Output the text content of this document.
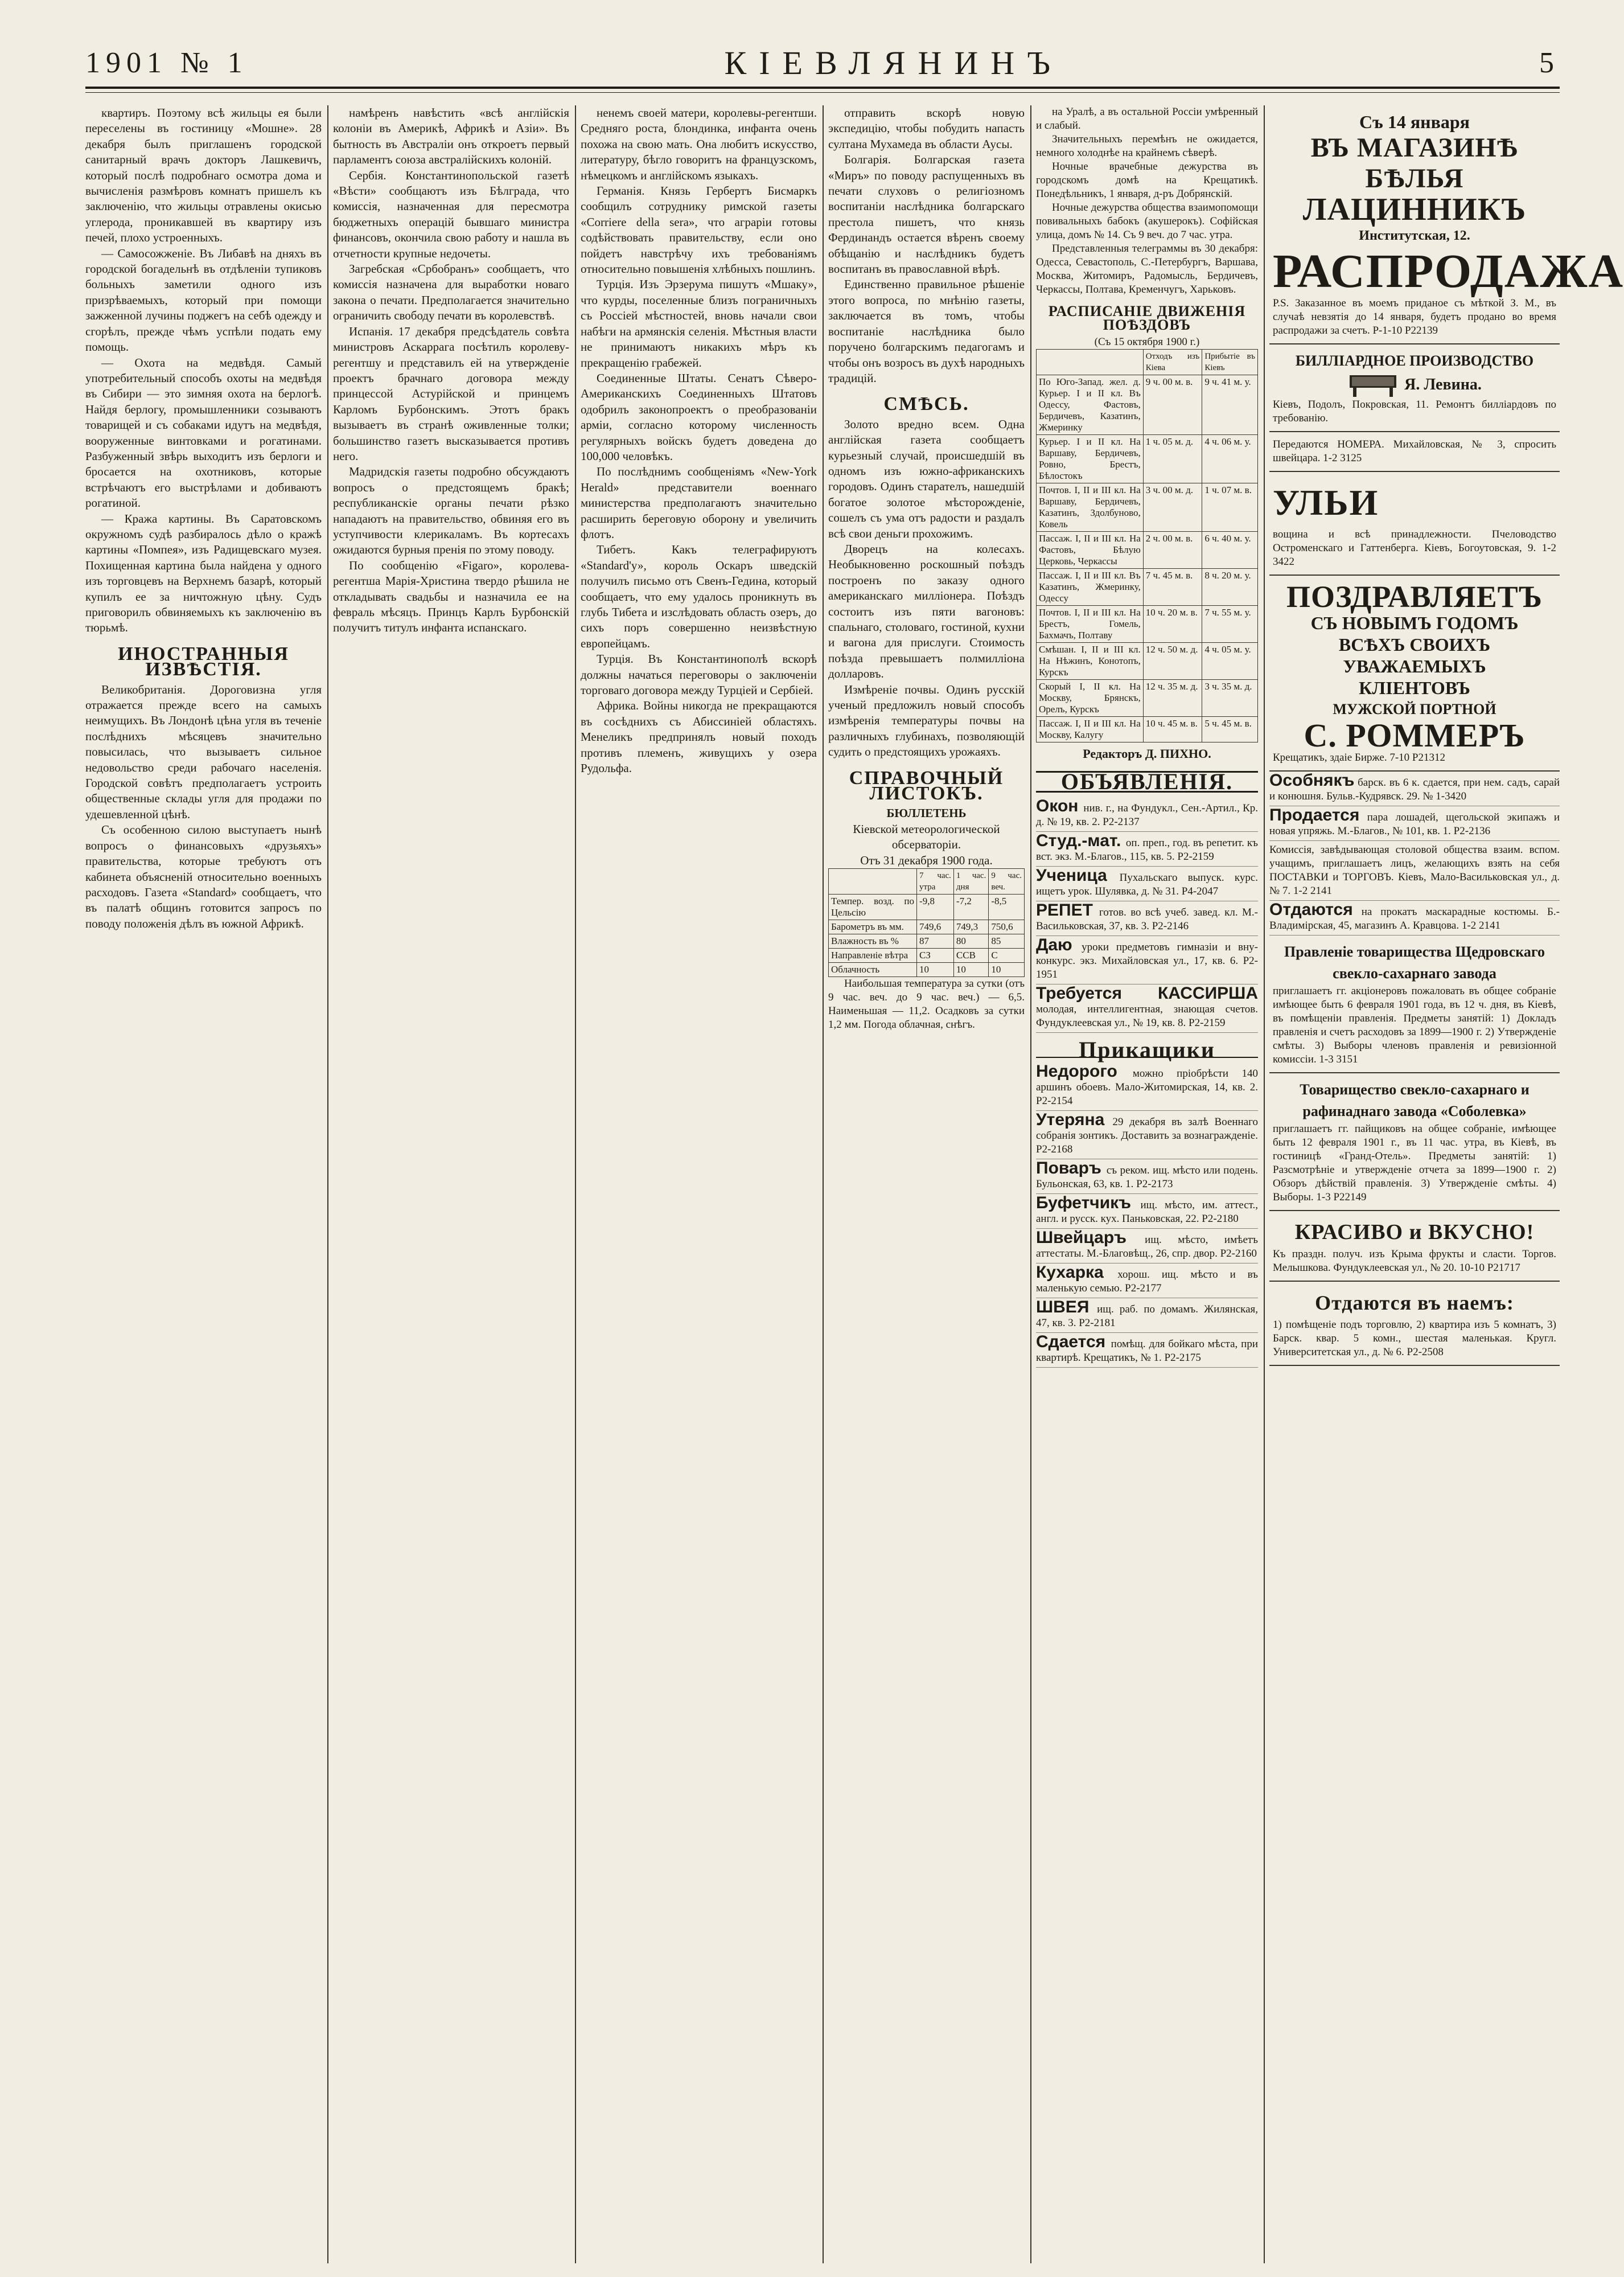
1901 № 1	КІЕВЛЯНИНЪ	5

квартиръ. Поэтому всѣ жильцы ея были переселены въ гостиницу «Мошне». 28 декабря былъ приглашенъ городской санитарный врачъ докторъ Лашкевичъ, который послѣ подробнаго осмотра дома и вычисленія размѣровъ комнатъ пришелъ къ заключенію, что жильцы отравлены окисью углерода, проникавшей въ квартиру изъ печей, плохо устроенныхъ.

— Самосожженіе. Въ Либавѣ на дняхъ въ городской богадельнѣ въ отдѣленіи тупиковъ больныхъ заметили одного изъ призрѣваемыхъ, который при помощи зажженной лучины поджегъ на себѣ одежду и сгорѣлъ, прежде чѣмъ успѣли подать ему помощь.

— Охота на медвѣдя. Самый употребительный способъ охоты на медвѣдя въ Сибири — это зимняя охота на берлогѣ. Найдя берлогу, промышленники созываютъ товарищей и съ собаками идутъ на медвѣдя, вооруженные винтовками и рогатинами. Разбуженный звѣрь выходитъ изъ берлоги и бросается на охотниковъ, которые встрѣчаютъ его выстрѣлами и добиваютъ рогатиной.

— Кража картины. Въ Саратовскомъ окружномъ судѣ разбиралось дѣло о кражѣ картины «Помпея», изъ Радищевскаго музея. Похищенная картина была найдена у одного изъ торговцевъ на Верхнемъ базарѣ, который купилъ ее за ничтожную цѣну. Судъ приговорилъ обвиняемыхъ къ заключенію въ тюрьмѣ.

ИНОСТРАННЫЯ ИЗВѢСТІЯ.

Великобританія. Дороговизна угля отражается прежде всего на самыхъ неимущихъ. Въ Лондонѣ цѣна угля въ теченіе послѣднихъ мѣсяцевъ значительно повысилась, что вызываетъ сильное недовольство среди рабочаго населенія. Городской совѣтъ предполагаетъ устроить общественные склады угля для продажи по удешевленной цѣнѣ.

Съ особенною силою выступаетъ нынѣ вопросъ о финансовыхъ «друзьяхъ» правительства, которые требуютъ отъ кабинета объясненій относительно военныхъ расходовъ. Газета «Standard» сообщаетъ, что въ палатѣ общинъ готовится запросъ по поводу положенія дѣлъ въ южной Африкѣ.

намѣренъ навѣстить «всѣ англійскія колоніи въ Америкѣ, Африкѣ и Азіи». Въ бытность въ Австраліи онъ откроетъ первый парламентъ союза австралійскихъ колоній.

Сербія. Константинопольской газетѣ «Вѣсти» сообщаютъ изъ Бѣлграда, что комиссія, назначенная для пересмотра бюджетныхъ операцій бывшаго министра финансовъ, окончила свою работу и нашла въ отчетности крупные недочеты.

Загребская «Србобранъ» сообщаетъ, что комиссія назначена для выработки новаго закона о печати. Предполагается значительно ограничить свободу печати въ королевствѣ.

Испанія. 17 декабря предсѣдатель совѣта министровъ Аскаррага посѣтилъ королеву-регентшу и представилъ ей на утвержденіе проектъ брачнаго договора между принцессой Астурійской и принцемъ Карломъ Бурбонскимъ. Этотъ бракъ вызываетъ въ странѣ оживленные толки; большинство газетъ высказывается противъ него.

Мадридскія газеты подробно обсуждаютъ вопросъ о предстоящемъ бракѣ; республиканскіе органы печати рѣзко нападаютъ на правительство, обвиняя его въ уступчивости клерикаламъ. Въ кортесахъ ожидаются бурныя пренія по этому поводу.

По сообщенію «Figaro», королева-регентша Марія-Христина твердо рѣшила не откладывать свадьбы и назначила ее на февраль мѣсяцъ. Принцъ Карлъ Бурбонскій получитъ титулъ инфанта испанскаго.

ненемъ своей матери, королевы-регентши. Средняго роста, блондинка, инфанта очень похожа на свою мать. Она любитъ искусство, литературу, бѣгло говоритъ на французскомъ, нѣмецкомъ и англійскомъ языкахъ.

Германія. Князь Гербертъ Бисмаркъ сообщилъ сотруднику римской газеты «Corriere della sera», что аграріи готовы содѣйствовать правительству, если оно пойдетъ навстрѣчу ихъ требованіямъ относительно повышенія хлѣбныхъ пошлинъ.

Турція. Изъ Эрзерума пишутъ «Мшаку», что курды, поселенные близъ пограничныхъ съ Россіей мѣстностей, вновь начали свои набѣги на армянскія селенія. Мѣстныя власти не принимаютъ никакихъ мѣръ къ прекращенію грабежей.

Соединенные Штаты. Сенатъ Сѣверо-Американскихъ Соединенныхъ Штатовъ одобрилъ законопроектъ о преобразованіи арміи, согласно которому численность регулярныхъ войскъ будетъ доведена до 100,000 человѣкъ.

По послѣднимъ сообщеніямъ «New-York Herald» представители военнаго министерства предполагаютъ значительно расширить береговую оборону и увеличить флотъ.

Тибетъ. Какъ телеграфируютъ «Standard'у», король Оскаръ шведскій получилъ письмо отъ Свенъ-Гедина, который сообщаетъ, что ему удалось проникнуть въ глубь Тибета и изслѣдовать область озеръ, до сихъ поръ совершенно неизвѣстную европейцамъ.

Турція. Въ Константинополѣ вскорѣ должны начаться переговоры о заключеніи торговаго договора между Турціей и Сербіей.

Африка. Войны никогда не прекращаются въ сосѣднихъ съ Абиссиніей областяхъ. Менеликъ предпринялъ новый походъ противъ племенъ, живущихъ у озера Рудольфа.

отправить вскорѣ новую экспедицію, чтобы побудить напасть султана Мухамеда въ области Аусы.

Болгарія. Болгарская газета «Миръ» по поводу распущенныхъ въ печати слуховъ о религіозномъ воспитаніи наслѣдника болгарскаго престола пишетъ, что князь Фердинандъ остается вѣренъ своему обѣщанію и наслѣдникъ будетъ воспитанъ въ православной вѣрѣ.

Единственно правильное рѣшеніе этого вопроса, по мнѣнію газеты, заключается въ томъ, чтобы воспитаніе наслѣдника было поручено болгарскимъ педагогамъ и чтобы онъ возросъ въ духѣ народныхъ традицій.

СМѢСЬ.

Золото вредно всем. Одна англійская газета сообщаетъ курьезный случай, происшедшій въ одномъ изъ южно-африканскихъ городовъ. Одинъ старателъ, нашедшій богатое золотое мѣсторожденіе, сошелъ съ ума отъ радости и раздалъ всѣ свои деньги прохожимъ.

Дворецъ на колесахъ. Необыкновенно роскошный поѣздъ построенъ по заказу одного американскаго милліонера. Поѣздъ состоитъ изъ пяти вагоновъ: спальнаго, столоваго, гостиной, кухни и вагона для прислуги. Стоимость поѣзда превышаетъ полмилліона долларовъ.

Измѣреніе почвы. Одинъ русскій ученый предложилъ новый способъ измѣренія температуры почвы на различныхъ глубинахъ, позволяющій судить о предстоящихъ урожаяхъ.

СПРАВОЧНЫЙ ЛИСТОКЪ.

БЮЛЛЕТЕНЬ

Кіевской метеорологической обсерваторіи.

Отъ 31 декабря 1900 года.

	7 час. утра	1 час. дня	9 час. веч.
Темпер. возд. по Цельсію	-9,8	-7,2	-8,5
Барометръ въ мм.	749,6	749,3	750,6
Влажность въ %	87	80	85
Направленіе вѣтра	СЗ	ССВ	С
Облачность	10	10	10

Наибольшая температура за сутки (отъ 9 час. веч. до 9 час. веч.) — 6,5. Наименьшая — 11,2. Осадковъ за сутки 1,2 мм. Погода облачная, снѣгъ.

на Уралѣ, а въ остальной Россіи умѣренный и слабый.

Значительныхъ перемѣнъ не ожидается, немного холоднѣе на крайнемъ сѣверѣ.

Ночные врачебные дежурства въ городскомъ домѣ на Крещатикѣ. Понедѣльникъ, 1 января, д-ръ Добрянскій.

Ночные дежурства общества взаимопомощи повивальныхъ бабокъ (акушерокъ). Софійская улица, домъ № 14. Съ 9 веч. до 7 час. утра.

Представленныя телеграммы въ 30 декабря: Одесса, Севастополь, С.-Петербургъ, Варшава, Москва, Житомиръ, Радомысль, Бердичевъ, Черкассы, Полтава, Кременчугъ, Харьковъ.

РАСПИСАНІЕ ДВИЖЕНІЯ ПОѢЗДОВЪ

(Съ 15 октября 1900 г.)

	Отходъ изъ Кіева	Прибытіе въ Кіевъ
По Юго-Запад. жел. д. Курьер. I и II кл. Въ Одессу, Фастовъ, Бердичевъ, Казатинъ, Жмеринку	9 ч. 00 м. в.	9 ч. 41 м. у.
Курьер. I и II кл. На Варшаву, Бердичевъ, Ровно, Брестъ, Бѣлостокъ	1 ч. 05 м. д.	4 ч. 06 м. у.
Почтов. I, II и III кл. На Варшаву, Бердичевъ, Казатинъ, Здолбуново, Ковель	3 ч. 00 м. д.	1 ч. 07 м. в.
Пассаж. I, II и III кл. На Фастовъ, Бѣлую Церковь, Черкассы	2 ч. 00 м. в.	6 ч. 40 м. у.
Пассаж. I, II и III кл. Въ Казатинъ, Жмеринку, Одессу	7 ч. 45 м. в.	8 ч. 20 м. у.
Почтов. I, II и III кл. На Брестъ, Гомель, Бахмачъ, Полтаву	10 ч. 20 м. в.	7 ч. 55 м. у.
Смѣшан. I, II и III кл. На Нѣжинъ, Конотопъ, Курскъ	12 ч. 50 м. д.	4 ч. 05 м. у.
Скорый I, II кл. На Москву, Брянскъ, Орелъ, Курскъ	12 ч. 35 м. д.	3 ч. 35 м. д.
Пассаж. I, II и III кл. На Москву, Калугу	10 ч. 45 м. в.	5 ч. 45 м. в.

Редакторъ Д. ПИХНО.

ОБЪЯВЛЕНІЯ.
Окон нив. г., на Фундукл., Сен.-Артил., Кр. д. № 19, кв. 2. Р2-2137
Студ.-мат. оп. преп., год. въ репетит. къ вст. экз. М.-Благов., 115, кв. 5. Р2-2159
Ученица Пухальскаго выпуск. курс. ищетъ урок. Шулявка, д. № 31. Р4-2047
РЕПЕТ готов. во всѣ учеб. завед. кл. М.-Васильковская, 37, кв. 3. Р2-2146
Даю уроки предметовъ гимназіи и вну-конкурс. экз. Михайловская ул., 17, кв. 6. Р2-1951
Требуется КАССИРША молодая, интеллигентная, знающая счетов. Фундуклеевская ул., № 19, кв. 8. Р2-2159
Прикащики
Недорого можно пріобрѣсти 140 аршинъ обоевъ. Мало-Житомирская, 14, кв. 2. Р2-2154
Утеряна 29 декабря въ залѣ Военнаго собранія зонтикъ. Доставить за вознагражденіе. Р2-2168
Поваръ съ реком. ищ. мѣсто или подень. Бульонская, 63, кв. 1. Р2-2173
Буфетчикъ ищ. мѣсто, им. аттест., англ. и русск. кух. Паньковская, 22. Р2-2180
Швейцаръ ищ. мѣсто, имѣетъ аттестаты. М.-Благовѣщ., 26, спр. двор. Р2-2160
Кухарка хорош. ищ. мѣсто и въ маленькую семью. Р2-2177
ШВЕЯ ищ. раб. по домамъ. Жилянская, 47, кв. 3. Р2-2181
Сдается помѣщ. для бойкаго мѣста, при квартирѣ. Крещатикъ, № 1. Р2-2175
Съ 14 января
ВЪ МАГАЗИНѢ БѢЛЬЯ
ЛАЦИННИКЪ
Институтская, 12.
РАСПРОДАЖА
Р.S. Заказанное въ моемъ приданое съ мѣткой З. М., въ случаѣ невзятія до 14 января, будетъ продано во время распродажи за счетъ. Р-1-10 Р22139
БИЛЛІАРДНОЕ ПРОИЗВОДСТВО
Я. Левина.
Кіевъ, Подолъ, Покровская, 11. Ремонтъ билліардовъ по требованію.
Передаются НОМЕРА. Михайловская, № 3, спросить швейцара. 1-2 3125
УЛЬИ
вощина и всѣ принадлежности. Пчеловодство Остроменскаго и Гаттенберга. Кіевъ, Богоутовская, 9. 1-2 3422
ПОЗДРАВЛЯЕТЪ
СЪ НОВЫМЪ ГОДОМЪ
ВСѢХЪ СВОИХЪ УВАЖАЕМЫХЪ
КЛІЕНТОВЪ
МУЖСКОЙ ПОРТНОЙ
С. РОММЕРЪ
Крещатикъ, здаіе Бирже. 7-10 Р21312
Особнякъ барск. въ 6 к. сдается, при нем. садъ, сарай и конюшня. Бульв.-Кудрявск. 29. № 1-3420
Продается пара лошадей, щегольской экипажъ и новая упряжь. М.-Благов., № 101, кв. 1. Р2-2136
Комиссія, завѣдывающая столовой общества взаим. вспом. учащимъ, приглашаетъ лицъ, желающихъ взять на себя ПОСТАВКИ и ТОРГОВЪ. Кіевъ, Мало-Васильковская ул., д. № 7. 1-2 2141
Отдаются на прокатъ маскарадные костюмы. Б.-Владимірская, 45, магазинъ А. Кравцова. 1-2 2141
Правленіе товарищества Щедровскаго свекло-сахарнаго завода
приглашаетъ гг. акціонеровъ пожаловать въ общее собраніе имѣющее быть 6 февраля 1901 года, въ 12 ч. дня, въ Кіевѣ, въ помѣщеніи правленія. Предметы занятій: 1) Докладъ правленія и счетъ расходовъ за 1899—1900 г. 2) Утвержденіе смѣты. 3) Выборы членовъ правленія и ревизіонной комиссіи. 1-3 3151
Товарищество свекло-сахарнаго и рафинаднаго завода «Соболевка»
приглашаетъ гг. пайщиковъ на общее собраніе, имѣющее быть 12 февраля 1901 г., въ 11 час. утра, въ Кіевѣ, въ гостиницѣ «Гранд-Отель». Предметы занятій: 1) Разсмотрѣніе и утвержденіе отчета за 1899—1900 г. 2) Обзоръ дѣйствій правленія. 3) Утвержденіе смѣты. 4) Выборы. 1-3 Р22149
КРАСИВО и ВКУСНО!
Къ праздн. получ. изъ Крыма фрукты и сласти. Торгов. Мелышкова. Фундуклеевская ул., № 20. 10-10 Р21717
Отдаются въ наемъ:
1) помѣщеніе подъ торговлю, 2) квартира изъ 5 комнатъ, 3) Барск. квар. 5 комн., шестая маленькая. Кругл. Университетская ул., д. № 6. Р2-2508
